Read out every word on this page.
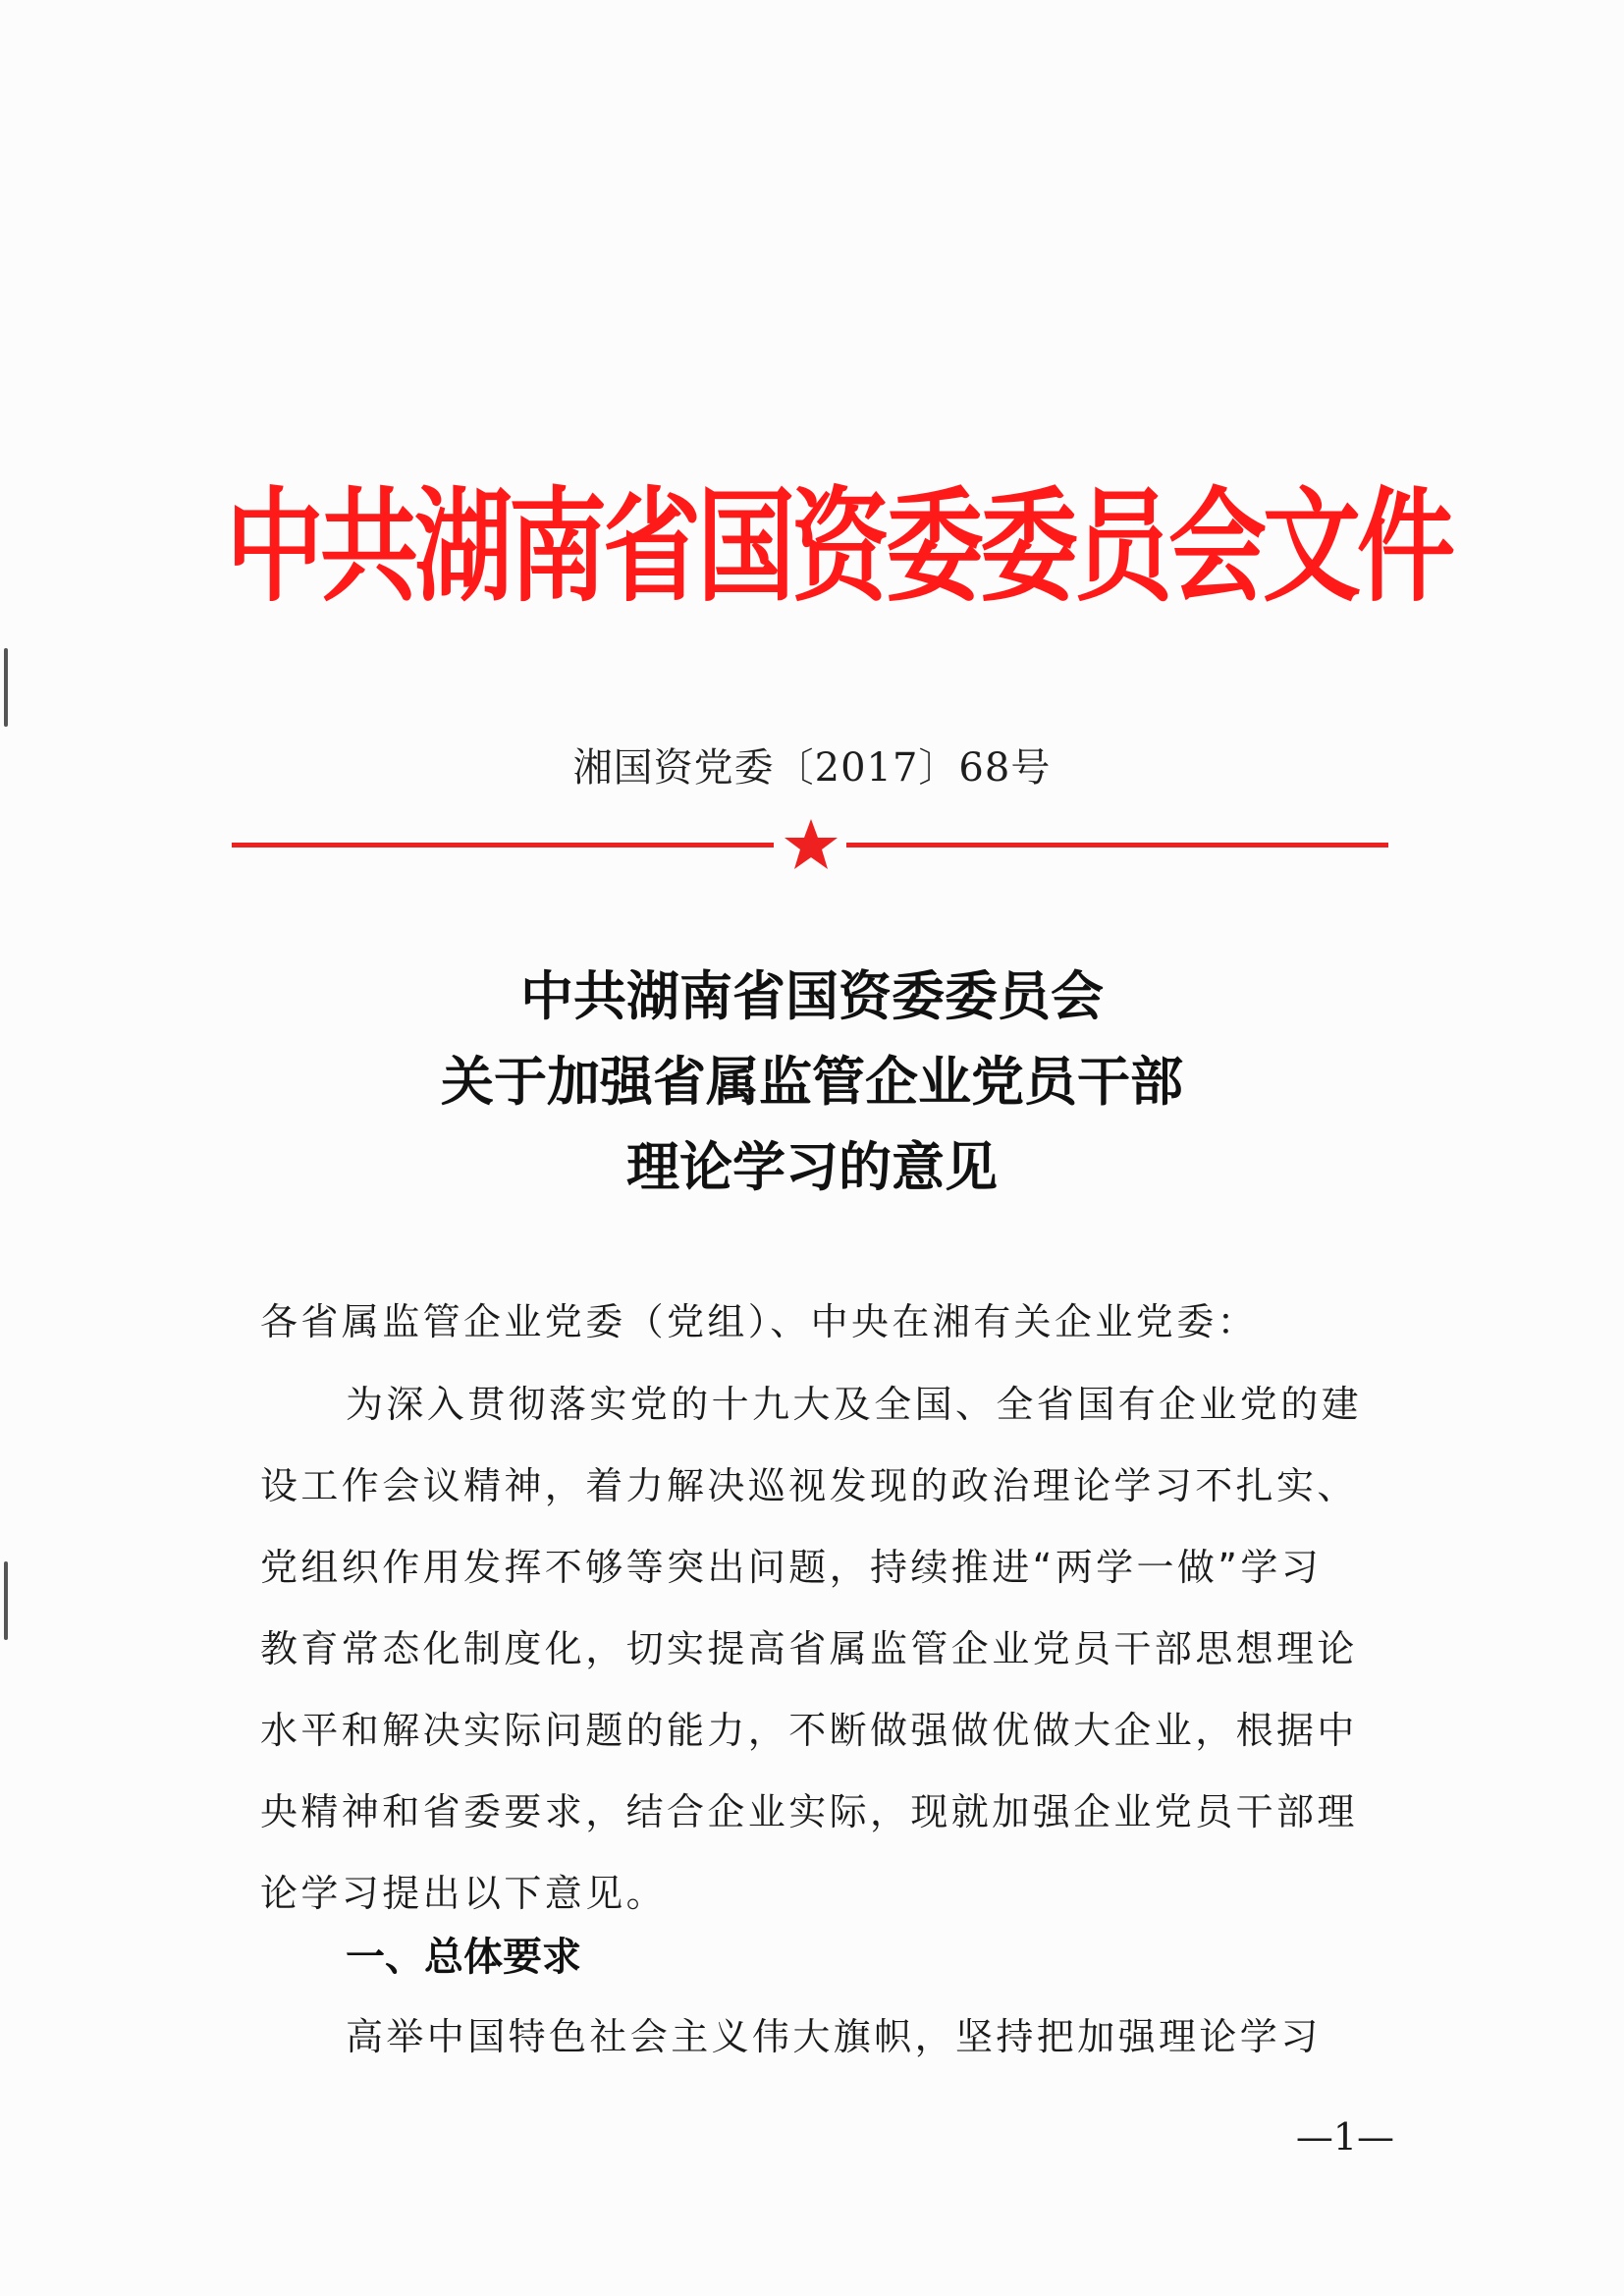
中共湖南省国资委委员会文件
湘国资党委〔2017〕68号
中共湖南省国资委委员会
关于加强省属监管企业党员干部
理论学习的意见
各省属监管企业党委（党组）、中央在湘有关企业党委：
为深入贯彻落实党的十九大及全国、全省国有企业党的建
设工作会议精神，着力解决巡视发现的政治理论学习不扎实、
党组织作用发挥不够等突出问题，持续推进“两学一做”学习
教育常态化制度化，切实提高省属监管企业党员干部思想理论
水平和解决实际问题的能力，不断做强做优做大企业，根据中
央精神和省委要求，结合企业实际，现就加强企业党员干部理
论学习提出以下意见。
一、总体要求
高举中国特色社会主义伟大旗帜，坚持把加强理论学习
—1—
